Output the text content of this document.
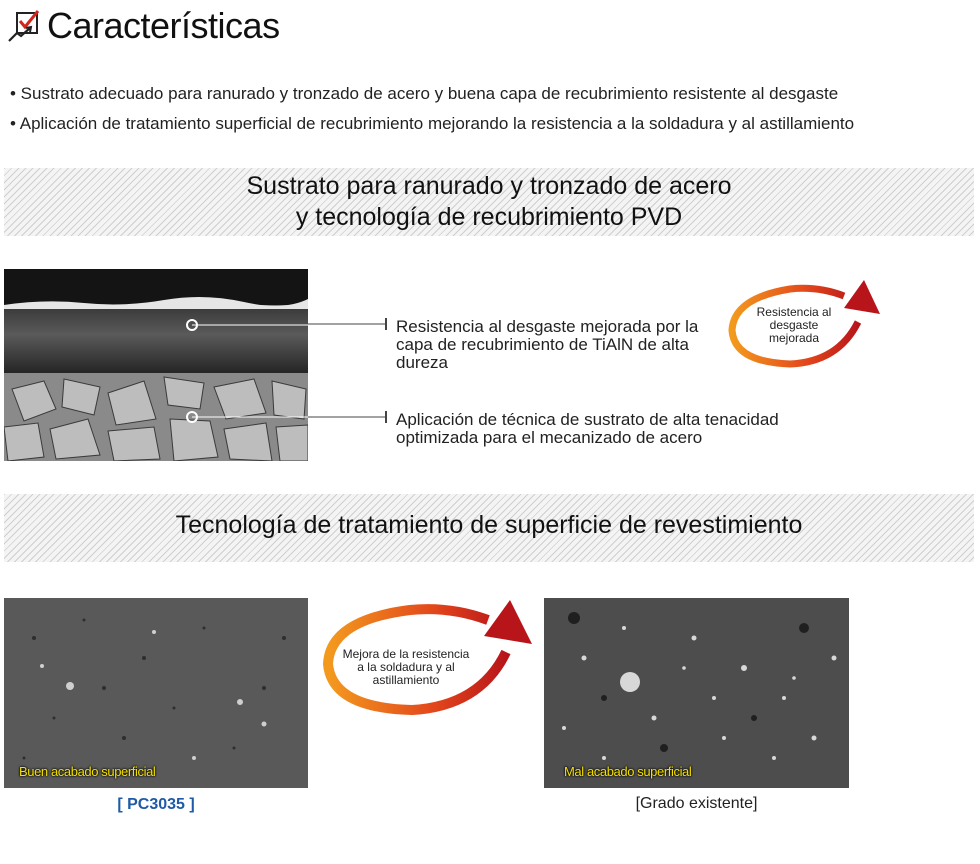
Características
• Sustrato adecuado para ranurado y tronzado de acero y buena capa de recubrimiento resistente al desgaste
• Aplicación de tratamiento superficial de recubrimiento mejorando la resistencia a la soldadura y al astillamiento
Sustrato para ranurado y tronzado de acero
y tecnología de recubrimiento PVD
Resistencia al desgaste mejorada por la capa de recubrimiento de TiAlN de alta dureza
Aplicación de técnica de sustrato de alta tenacidad optimizada para el mecanizado de acero
Resistencia al
desgaste
mejorada
Tecnología de tratamiento de superficie de revestimiento
Buen acabado superficial
[ PC3035 ]
Mejora de la resistencia
a la soldadura y al
astillamiento
Mal acabado superficial
[Grado existente]
